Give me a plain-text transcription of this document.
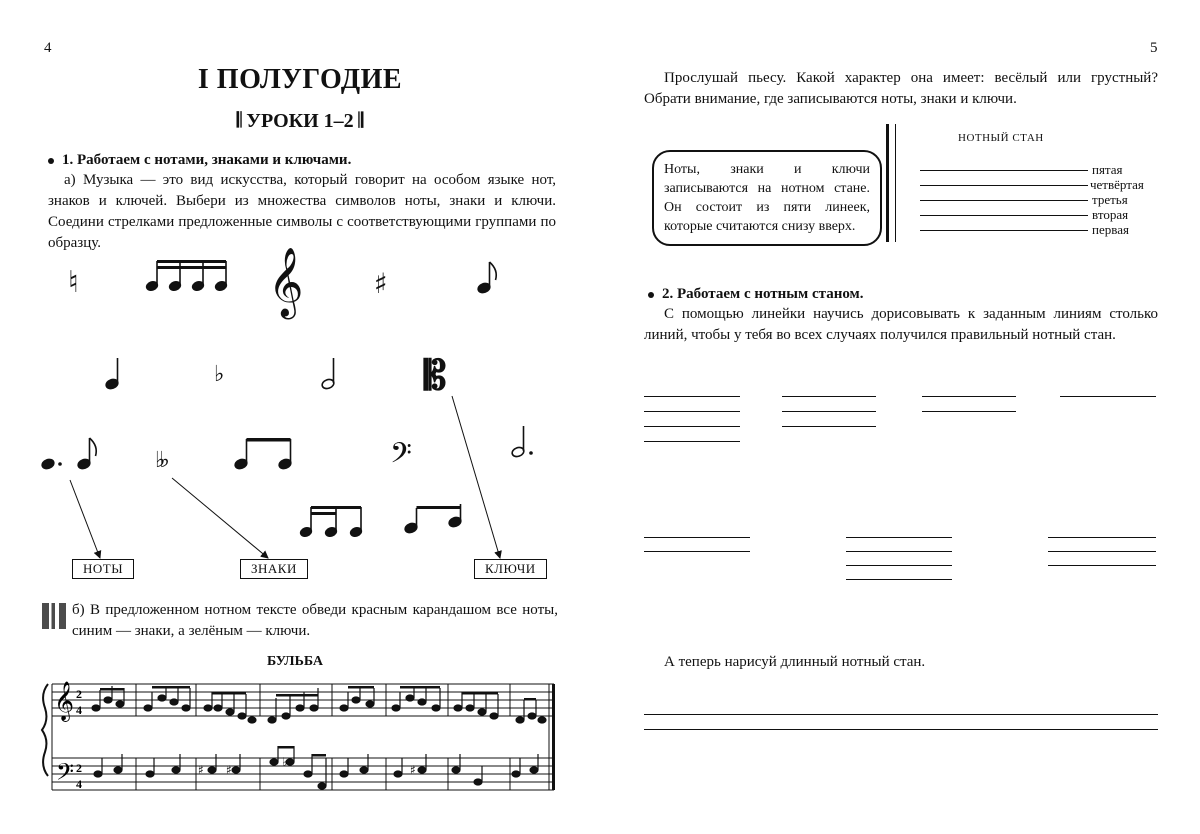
4
I ПОЛУГОДИЕ
𝄃 УРОКИ 1–2 𝄂
1. Работаем с нотами, знаками и ключами.
а) Музыка — это вид искусства, который говорит на особом языке нот, знаков и ключей. Выбери из множества символов ноты, знаки и ключи. Соедини стрелками предложенные символы с соответствующими группами по образцу.
♮	𝄞	♯
♭	𝄡
♭♭	𝄢
НОТЫ	ЗНАКИ	КЛЮЧИ
б) В предложенном нотном тексте обведи красным карандашом все ноты, синим — знаки, а зелёным — ключи.
БУЛЬБА
𝄞
𝄢
2
4
2
4
♯ ♯
♭
♯
5
Прослушай пьесу. Какой характер она имеет: весёлый или грустный? Обрати внимание, где записываются ноты, знаки и ключи.
Ноты, знаки и ключи записываются на нотном стане. Он состоит из пяти линеек, которые считаются снизу вверх.
НОТНЫЙ СТАН
пятая
четвёртая
третья
вторая
первая
2. Работаем с нотным станом.
С помощью линейки научись дорисовывать к заданным линиям столько линий, чтобы у тебя во всех случаях получился правильный нотный стан.
А теперь нарисуй длинный нотный стан.
